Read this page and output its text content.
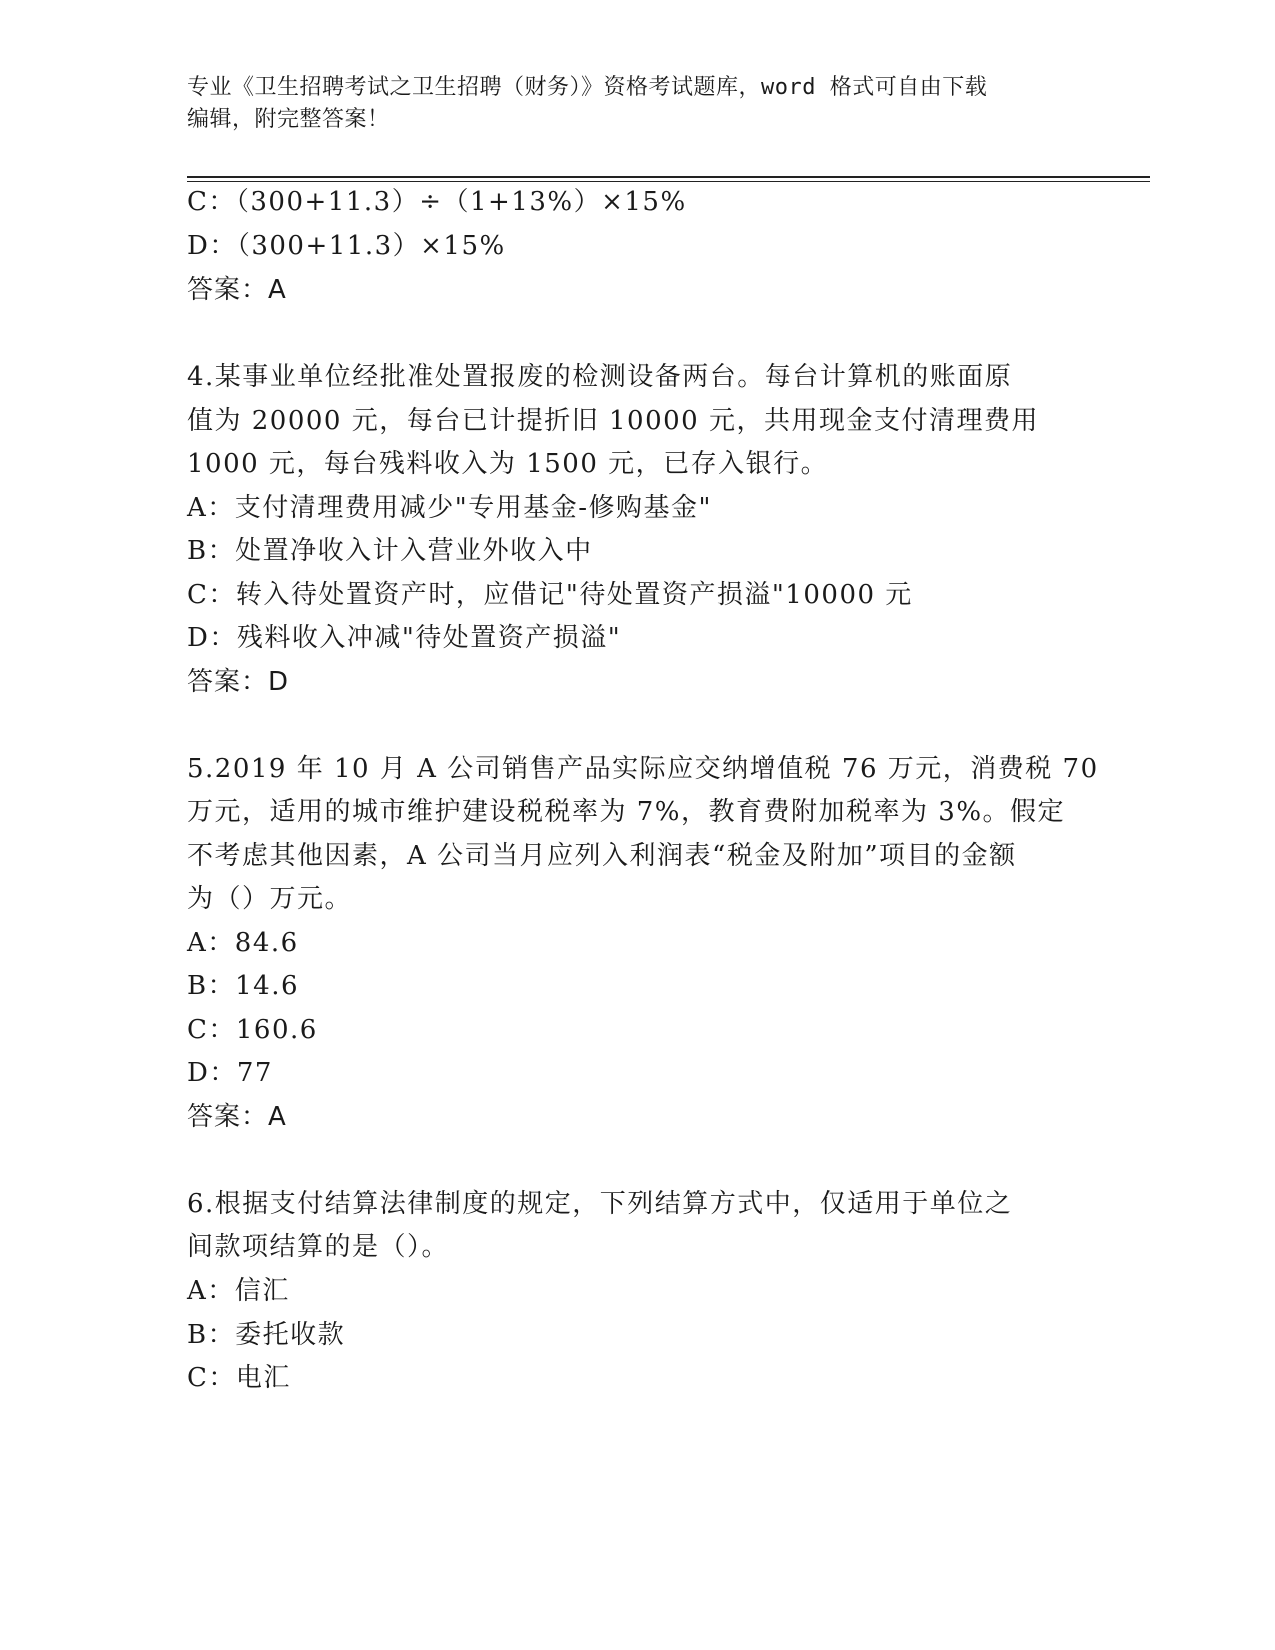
专业《卫生招聘考试之卫生招聘（财务）》资格考试题库，word 格式可自由下载
编辑，附完整答案！
C：（300+11.3）÷（1+13%）×15%
D：（300+11.3）×15%
答案：A
4.某事业单位经批准处置报废的检测设备两台。每台计算机的账面原
值为 20000 元，每台已计提折旧 10000 元，共用现金支付清理费用
1000 元，每台残料收入为 1500 元，已存入银行。
A：支付清理费用减少"专用基金-修购基金"
B：处置净收入计入营业外收入中
C：转入待处置资产时，应借记"待处置资产损溢"10000 元
D：残料收入冲减"待处置资产损溢"
答案：D
5.2019 年 10 月 A 公司销售产品实际应交纳增值税 76 万元，消费税 70
万元，适用的城市维护建设税税率为 7%，教育费附加税率为 3%。假定
不考虑其他因素，A 公司当月应列入利润表“税金及附加”项目的金额
为（）万元。
A：84.6
B：14.6
C：160.6
D：77
答案：A
6.根据支付结算法律制度的规定，下列结算方式中，仅适用于单位之
间款项结算的是（）。
A：信汇
B：委托收款
C：电汇
